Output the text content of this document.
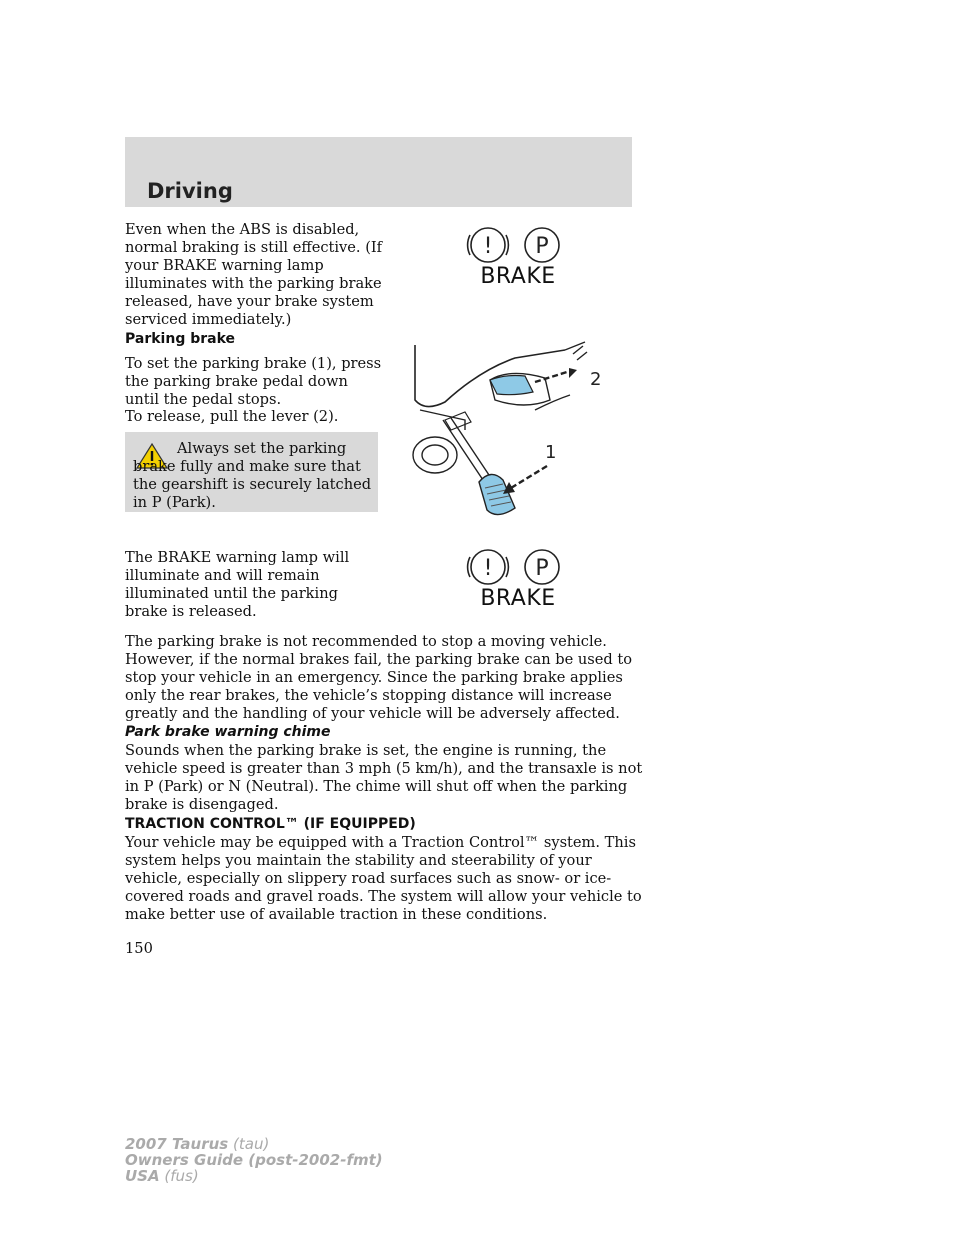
Driving

Even when the ABS is disabled, normal braking is still effective. (If your BRAKE warning lamp illuminates with the parking brake released, have your brake system serviced immediately.)

! P
BRAKE
Parking brake

To set the parking brake (1), press the parking brake pedal down until the pedal stops.

To release, pull the lever (2).

Always set the parking brake fully and make sure that the gearshift is securely latched in P (Park).

2
1

The BRAKE warning lamp will illuminate and will remain illuminated until the parking brake is released.

! P
BRAKE

The parking brake is not recommended to stop a moving vehicle. However, if the normal brakes fail, the parking brake can be used to stop your vehicle in an emergency. Since the parking brake applies only the rear brakes, the vehicle’s stopping distance will increase greatly and the handling of your vehicle will be adversely affected.

Park brake warning chime

Sounds when the parking brake is set, the engine is running, the vehicle speed is greater than 3 mph (5 km/h), and the transaxle is not in P (Park) or N (Neutral). The chime will shut off when the parking brake is disengaged.

TRACTION CONTROL™ (IF EQUIPPED)

Your vehicle may be equipped with a Traction Control™ system. This system helps you maintain the stability and steerability of your vehicle, especially on slippery road surfaces such as snow- or ice-covered roads and gravel roads. The system will allow your vehicle to make better use of available traction in these conditions.

150
2007 Taurus (tau)
Owners Guide (post-2002-fmt)
USA (fus)
